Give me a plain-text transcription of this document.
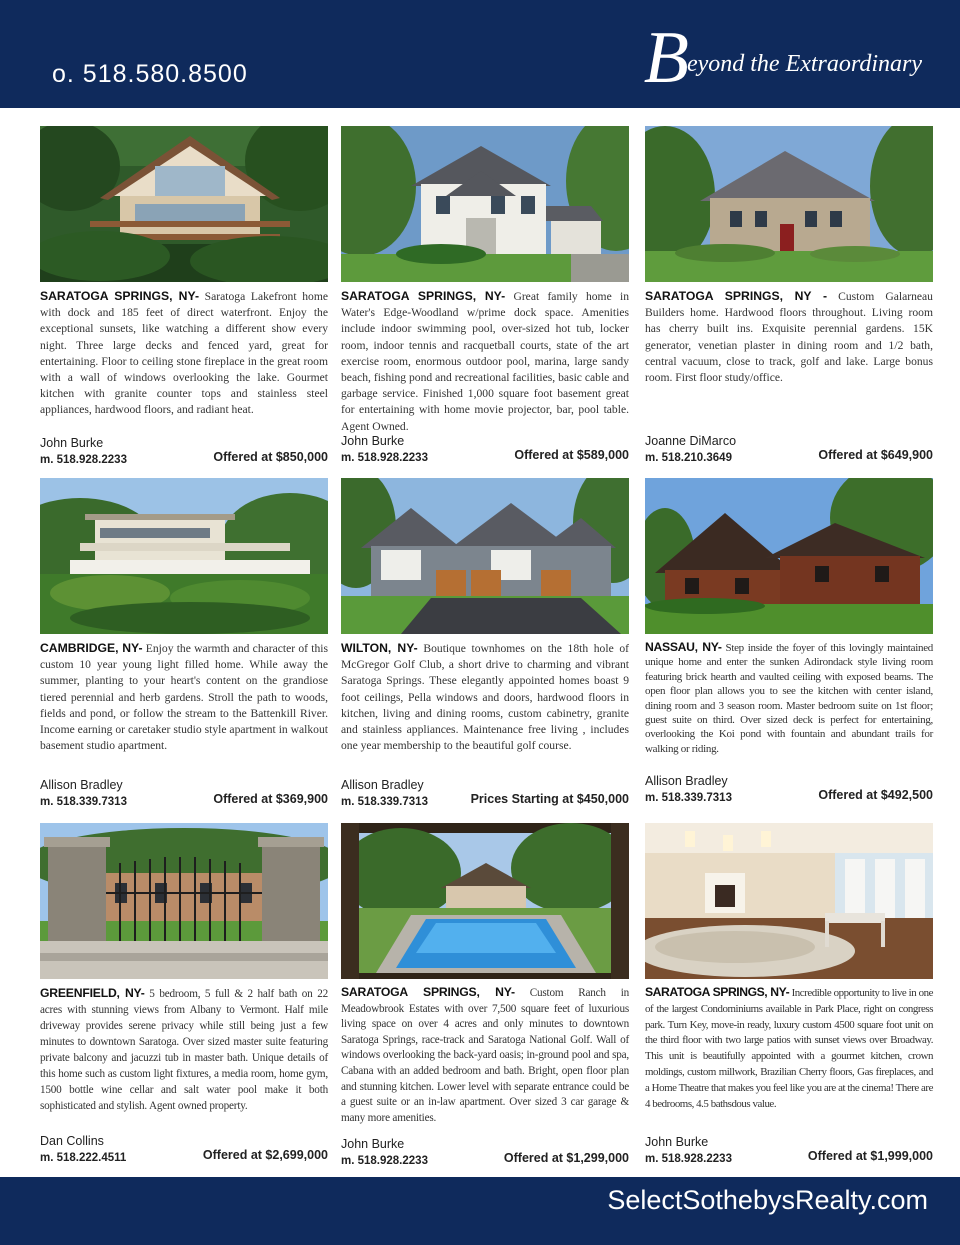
o. 518.580.8500	B
eyond the Extraordinary
SARATOGA SPRINGS, NY- Saratoga Lakefront home with dock and 185 feet of direct waterfront. Enjoy the exceptional sunsets, like watching a different show every night. Three large decks and fenced yard, great for entertaining. Floor to ceiling stone fireplace in the great room with a wall of windows overlooking the lake. Gourmet kitchen with granite counter tops and stainless steel appliances, hardwood floors, and radiant heat.
John Burke
m. 518.928.2233	Offered at $850,000
SARATOGA SPRINGS, NY- Great family home in Water's Edge-Woodland w/prime dock space. Amenities include indoor swimming pool, over-sized hot tub, locker room, indoor tennis and racquetball courts, state of the art exercise room, enormous outdoor pool, marina, large sandy beach, fishing pond and recreational facilities, basic cable and garbage service. Finished 1,000 square foot basement great for entertaining with home movie projector, bar, pool table. Agent Owned.
John Burke
m. 518.928.2233	Offered at $589,000
SARATOGA SPRINGS, NY - Custom Galarneau Builders home. Hardwood floors throughout. Living room has cherry built ins. Exquisite perennial gardens. 15K generator, venetian plaster in dining room and 1/2 bath, central vacuum, close to track, golf and lake. Large bonus room. First floor study/office.
Joanne DiMarco
m. 518.210.3649	Offered at $649,900
CAMBRIDGE, NY- Enjoy the warmth and character of this custom 10 year young light filled home. While away the summer, planting to your heart's content on the grandiose tiered perennial and herb gardens. Stroll the path to woods, fields and pond, or follow the stream to the Battenkill River. Income earning or caretaker studio style apartment in walkout basement studio apartment.
Allison Bradley
m. 518.339.7313	Offered at $369,900
WILTON, NY- Boutique townhomes on the 18th hole of McGregor Golf Club, a short drive to charming and vibrant Saratoga Springs. These elegantly appointed homes boast 9 foot ceilings, Pella windows and doors, hardwood floors in kitchen, living and dining rooms, custom cabinetry, granite and stainless appliances. Maintenance free living , includes one year membership to the beautiful golf course.
Allison Bradley
m. 518.339.7313	Prices Starting at $450,000
NASSAU, NY- Step inside the foyer of this lovingly maintained unique home and enter the sunken Adirondack style living room featuring brick hearth and vaulted ceiling with exposed beams. The open floor plan allows you to see the kitchen with center island, dining room and 3 season room. Master bedroom suite on 1st floor; guest suite on third. Over sized deck is perfect for entertaining, overlooking the Koi pond with fountain and abundant trails for walking or riding.
Allison Bradley
m. 518.339.7313	Offered at $492,500
GREENFIELD, NY- 5 bedroom, 5 full & 2 half bath on 22 acres with stunning views from Albany to Vermont. Half mile driveway provides serene privacy while still being just a few minutes to downtown Saratoga. Over sized master suite featuring private balcony and jacuzzi tub in master bath. Unique details of this home such as custom light fixtures, a media room, home gym, 1500 bottle wine cellar and salt water pool make it both sophisticated and stylish. Agent owned property.
Dan Collins
m. 518.222.4511	Offered at $2,699,000
SARATOGA SPRINGS, NY- Custom Ranch in Meadowbrook Estates with over 7,500 square feet of luxurious living space on over 4 acres and only minutes to downtown Saratoga Springs, race-track and Saratoga National Golf. Wall of windows overlooking the back-yard oasis; in-ground pool and spa, Cabana with an added bedroom and bath. Bright, open floor plan and stunning kitchen. Lower level with separate entrance could be a guest suite or an in-law apartment. Over sized 3 car garage & many more amenities.
John Burke
m. 518.928.2233	Offered at $1,299,000
SARATOGA SPRINGS, NY- Incredible opportunity to live in one of the largest Condominiums available in Park Place, right on congress park. Turn Key, move-in ready, luxury custom 4500 square foot unit on the third floor with two large patios with sunset views over Broadway. This unit is beautifully appointed with a gourmet kitchen, crown moldings, custom millwork, Brazilian Cherry floors, Gas fireplaces, and a Home Theatre that makes you feel like you are at the cinema! There are 4 bedrooms, 4.5 bathsdous value.
John Burke
m. 518.928.2233	Offered at $1,999,000
SelectSothebysRealty.com
